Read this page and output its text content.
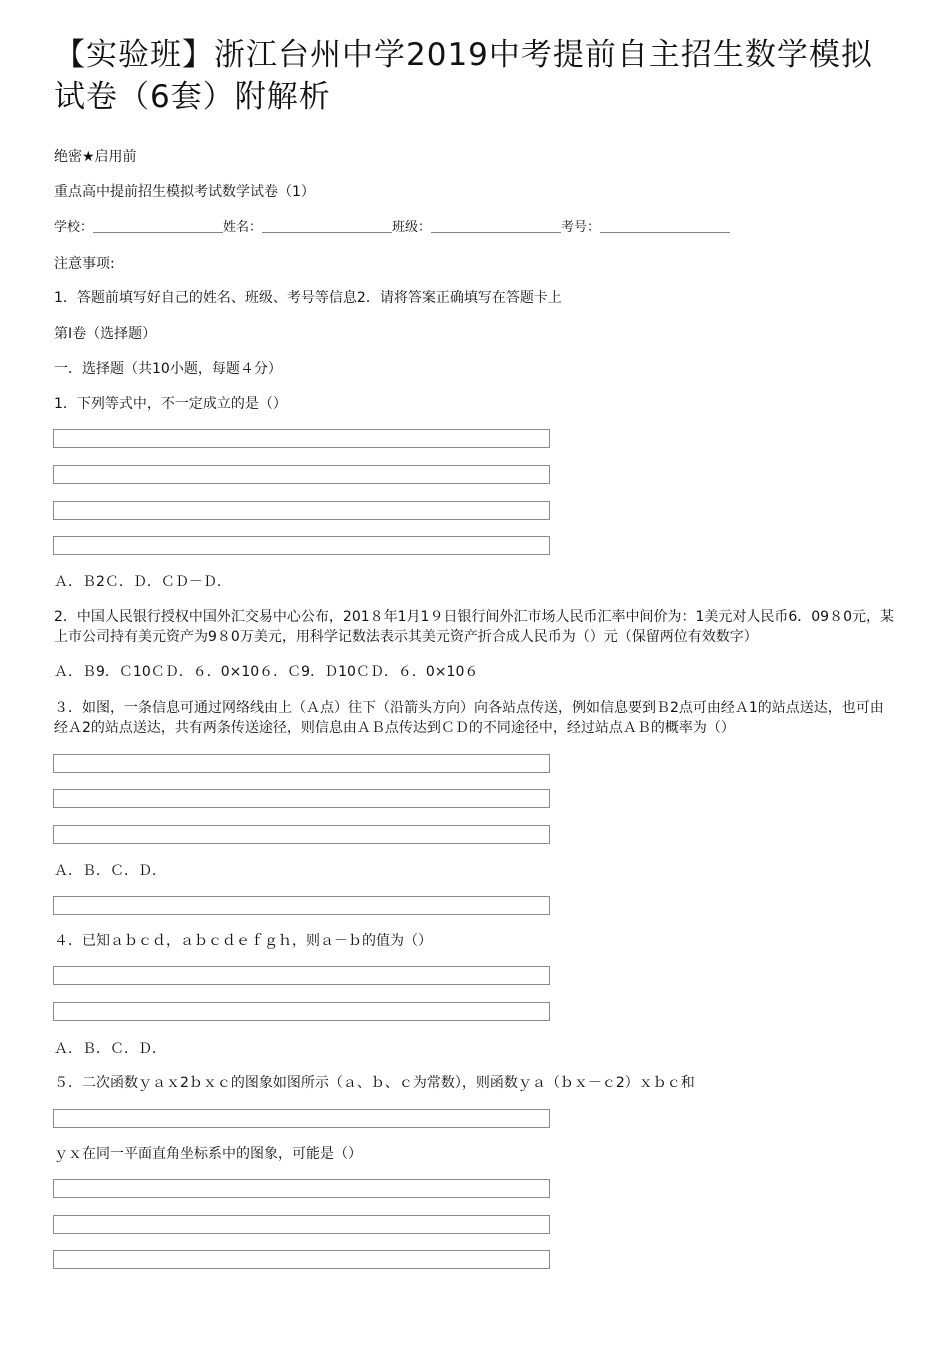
【实验班】浙江台州中学2019中考提前自主招生数学模拟试卷（6套）附解析
绝密★启用前
重点高中提前招生模拟考试数学试卷（1）
学校：＿＿＿＿＿＿＿＿＿＿姓名：＿＿＿＿＿＿＿＿＿＿班级：＿＿＿＿＿＿＿＿＿＿考号：＿＿＿＿＿＿＿＿＿＿
注意事项:
1．答题前填写好自己的姓名、班级、考号等信息2．请将答案正确填写在答题卡上
第Ⅰ卷（选择题）
一．选择题（共10小题，每题４分）
1．下列等式中，不一定成立的是（）
Ａ．Ｂ2Ｃ．Ｄ．ＣＤ－Ｄ．
2．中国人民银行授权中国外汇交易中心公布，201８年1月1９日银行间外汇市场人民币汇率中间价为：1美元对人民币6．09８0元，某上市公司持有美元资产为9８0万美元，用科学记数法表示其美元资产折合成人民币为（）元（保留两位有效数字）
Ａ．Ｂ9．Ｃ10ＣＤ．６．0×10６．Ｃ9．Ｄ10ＣＤ．６．0×10６
３．如图，一条信息可通过网络线由上（Ａ点）往下（沿箭头方向）向各站点传送，例如信息要到Ｂ2点可由经Ａ1的站点送达，也可由经Ａ2的站点送达，共有两条传送途径，则信息由ＡＢ点传达到ＣＤ的不同途径中，经过站点ＡＢ的概率为（）
Ａ．Ｂ．Ｃ．Ｄ．
４．已知ａｂｃｄ，ａｂｃｄｅｆｇｈ，则ａ－ｂ的值为（）
Ａ．Ｂ．Ｃ．Ｄ．
５．二次函数ｙａｘ2ｂｘｃ的图象如图所示（ａ、ｂ、ｃ为常数），则函数ｙａ（ｂｘ－ｃ2）ｘｂｃ和
ｙｘ在同一平面直角坐标系中的图象，可能是（）
